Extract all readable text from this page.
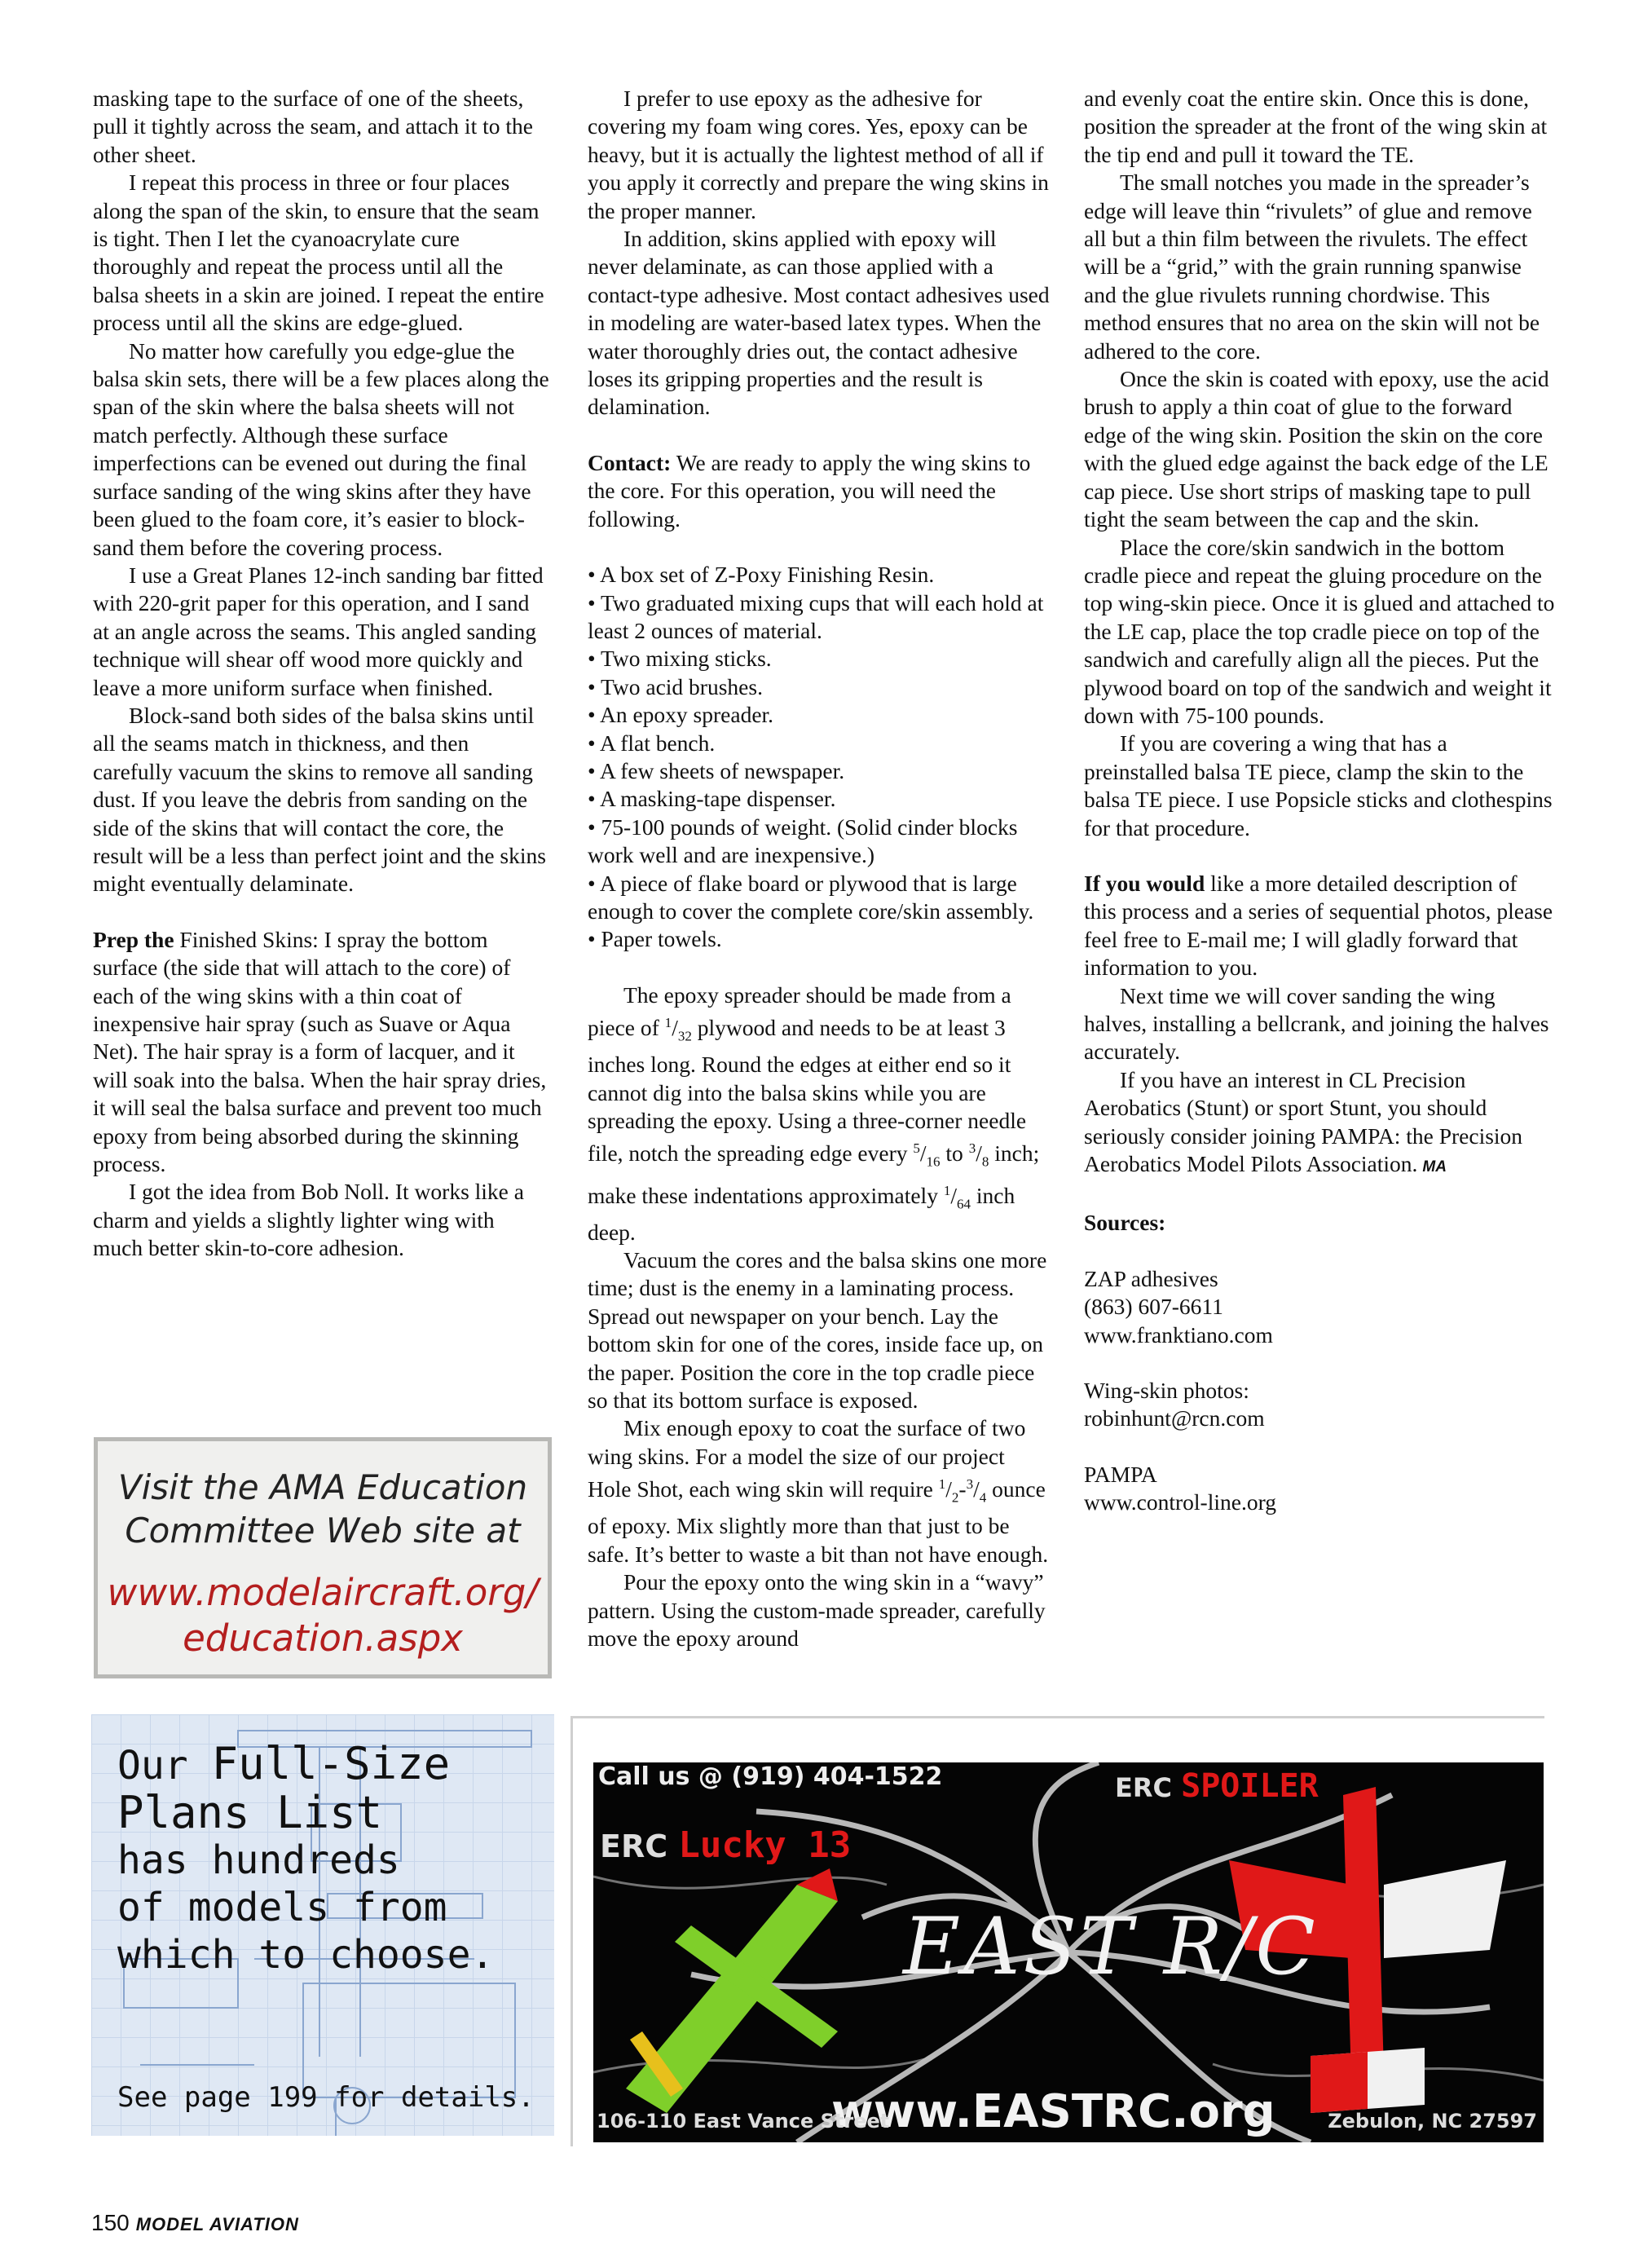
masking tape to the surface of one of the sheets, pull it tightly across the seam, and attach it to the other sheet.

I repeat this process in three or four places along the span of the skin, to ensure that the seam is tight. Then I let the cyanoacrylate cure thoroughly and repeat the process until all the balsa sheets in a skin are joined. I repeat the entire process until all the skins are edge-glued.

No matter how carefully you edge-glue the balsa skin sets, there will be a few places along the span of the skin where the balsa sheets will not match perfectly. Although these surface imperfections can be evened out during the final surface sanding of the wing skins after they have been glued to the foam core, it’s easier to block-sand them before the covering process.

I use a Great Planes 12-inch sanding bar fitted with 220-grit paper for this operation, and I sand at an angle across the seams. This angled sanding technique will shear off wood more quickly and leave a more uniform surface when finished.

Block-sand both sides of the balsa skins until all the seams match in thickness, and then carefully vacuum the skins to remove all sanding dust. If you leave the debris from sanding on the side of the skins that will contact the core, the result will be a less than perfect joint and the skins might eventually delaminate.

Prep the Finished Skins: I spray the bottom surface (the side that will attach to the core) of each of the wing skins with a thin coat of inexpensive hair spray (such as Suave or Aqua Net). The hair spray is a form of lacquer, and it will soak into the balsa. When the hair spray dries, it will seal the balsa surface and prevent too much epoxy from being absorbed during the skinning process.

I got the idea from Bob Noll. It works like a charm and yields a slightly lighter wing with much better skin-to-core adhesion.

I prefer to use epoxy as the adhesive for covering my foam wing cores. Yes, epoxy can be heavy, but it is actually the lightest method of all if you apply it correctly and prepare the wing skins in the proper manner.

In addition, skins applied with epoxy will never delaminate, as can those applied with a contact-type adhesive. Most contact adhesives used in modeling are water-based latex types. When the water thoroughly dries out, the contact adhesive loses its gripping properties and the result is delamination.

Contact: We are ready to apply the wing skins to the core. For this operation, you will need the following.

• A box set of Z-Poxy Finishing Resin.
• Two graduated mixing cups that will each hold at least 2 ounces of material.
• Two mixing sticks.
• Two acid brushes.
• An epoxy spreader.
• A flat bench.
• A few sheets of newspaper.
• A masking-tape dispenser.
• 75-100 pounds of weight. (Solid cinder blocks work well and are inexpensive.)
• A piece of flake board or plywood that is large enough to cover the complete core/skin assembly.
• Paper towels.

The epoxy spreader should be made from a piece of $^1/_{32}$ plywood and needs to be at least 3 inches long. Round the edges at either end so it cannot dig into the balsa skins while you are spreading the epoxy. Using a three-corner needle file, notch the spreading edge every $^5/_{16}$ to $^3/_8$ inch; make these indentations approximately $^1/_{64}$ inch deep.

Vacuum the cores and the balsa skins one more time; dust is the enemy in a laminating process. Spread out newspaper on your bench. Lay the bottom skin for one of the cores, inside face up, on the paper. Position the core in the top cradle piece so that its bottom surface is exposed.

Mix enough epoxy to coat the surface of two wing skins. For a model the size of our project Hole Shot, each wing skin will require $^1/_2-^3/_4$ ounce of epoxy. Mix slightly more than that just to be safe. It’s better to waste a bit than not have enough.

Pour the epoxy onto the wing skin in a “wavy” pattern. Using the custom-made spreader, carefully move the epoxy around

and evenly coat the entire skin. Once this is done, position the spreader at the front of the wing skin at the tip end and pull it toward the TE.

The small notches you made in the spreader’s edge will leave thin “rivulets” of glue and remove all but a thin film between the rivulets. The effect will be a “grid,” with the grain running spanwise and the glue rivulets running chordwise. This method ensures that no area on the skin will not be adhered to the core.

Once the skin is coated with epoxy, use the acid brush to apply a thin coat of glue to the forward edge of the wing skin. Position the skin on the core with the glued edge against the back edge of the LE cap piece. Use short strips of masking tape to pull tight the seam between the cap and the skin.

Place the core/skin sandwich in the bottom cradle piece and repeat the gluing procedure on the top wing-skin piece. Once it is glued and attached to the LE cap, place the top cradle piece on top of the sandwich and carefully align all the pieces. Put the plywood board on top of the sandwich and weight it down with 75-100 pounds.

If you are covering a wing that has a preinstalled balsa TE piece, clamp the skin to the balsa TE piece. I use Popsicle sticks and clothespins for that procedure.

If you would like a more detailed description of this process and a series of sequential photos, please feel free to E-mail me; I will gladly forward that information to you.

Next time we will cover sanding the wing halves, installing a bellcrank, and joining the halves accurately.

If you have an interest in CL Precision Aerobatics (Stunt) or sport Stunt, you should seriously consider joining PAMPA: the Precision Aerobatics Model Pilots Association. MA

Sources:

ZAP adhesives
(863) 607-6611
www.franktiano.com
Wing-skin photos:
robinhunt@rcn.com
PAMPA
www.control-line.org
Visit the AMA Education
Committee Web site at
www.modelaircraft.org/
education.aspx
Our Full-Size
Plans List
has hundreds
of models from
which to choose.
See page 199 for details.
Call us @ (919) 404-1522
ERC Lucky 13
ERC SPOILER
EAST R/C
www.EASTRC.org
106-110 East Vance Street	Zebulon, NC 27597
150 MODEL AVIATION
